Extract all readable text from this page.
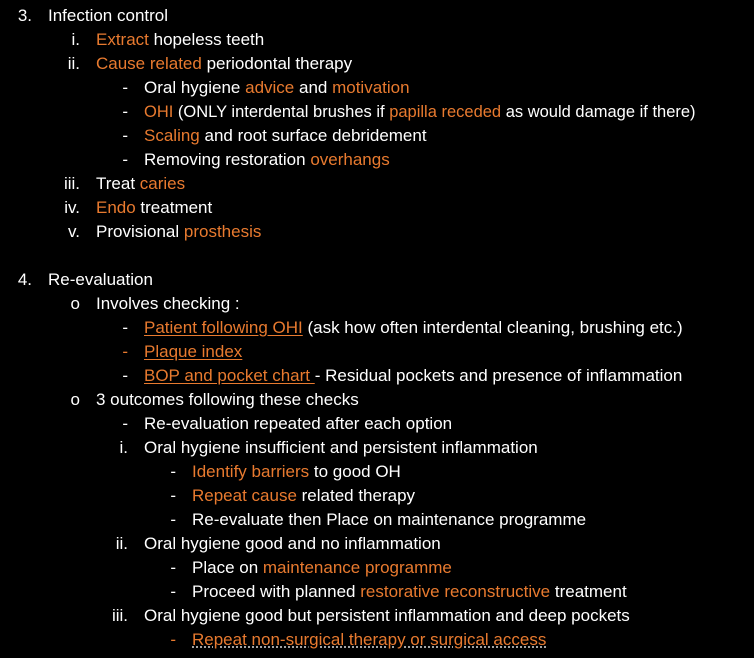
3. Infection control
i. Extract hopeless teeth
ii. Cause related periodontal therapy
- Oral hygiene advice and motivation
- OHI (ONLY interdental brushes if papilla receded as would damage if there)
- Scaling and root surface debridement
- Removing restoration overhangs
iii. Treat caries
iv. Endo treatment
v. Provisional prosthesis
4. Re-evaluation
o Involves checking :
- Patient following OHI (ask how often interdental cleaning, brushing etc.)
- Plaque index
- BOP and pocket chart - Residual pockets and presence of inflammation
o 3 outcomes following these checks
- Re-evaluation repeated after each option
i. Oral hygiene insufficient and persistent inflammation
- Identify barriers to good OH
- Repeat cause related therapy
- Re-evaluate then Place on maintenance programme
ii. Oral hygiene good and no inflammation
- Place on maintenance programme
- Proceed with planned restorative reconstructive treatment
iii. Oral hygiene good but persistent inflammation and deep pockets
- Repeat non-surgical therapy or surgical access
